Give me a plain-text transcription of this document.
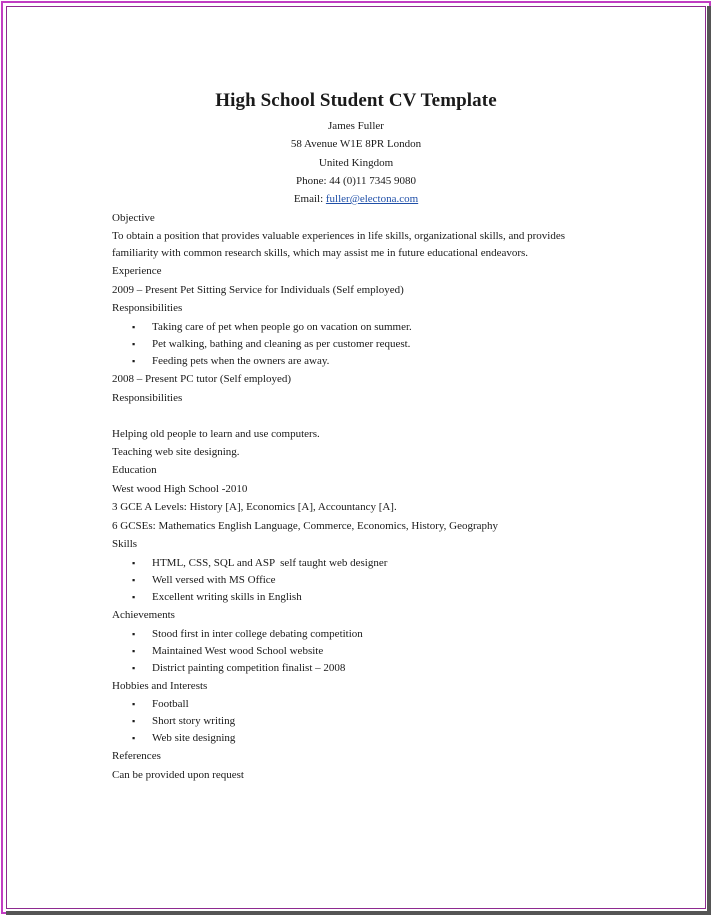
High School Student CV Template
James Fuller
58 Avenue W1E 8PR London
United Kingdom
Phone: 44 (0)11 7345 9080
Email: fuller@electona.com
Objective
To obtain a position that provides valuable experiences in life skills, organizational skills, and provides familiarity with common research skills, which may assist me in future educational endeavors.
Experience
2009 – Present Pet Sitting Service for Individuals (Self employed)
Responsibilities
▪ Taking care of pet when people go on vacation on summer.
▪ Pet walking, bathing and cleaning as per customer request.
▪ Feeding pets when the owners are away.
2008 – Present PC tutor (Self employed)
Responsibilities
Helping old people to learn and use computers.
Teaching web site designing.
Education
West wood High School -2010
3 GCE A Levels: History [A], Economics [A], Accountancy [A].
6 GCSEs: Mathematics English Language, Commerce, Economics, History, Geography
Skills
▪ HTML, CSS, SQL and ASP  self taught web designer
▪ Well versed with MS Office
▪ Excellent writing skills in English
Achievements
▪ Stood first in inter college debating competition
▪ Maintained West wood School website
▪ District painting competition finalist – 2008
Hobbies and Interests
▪ Football
▪ Short story writing
▪ Web site designing
References
Can be provided upon request
